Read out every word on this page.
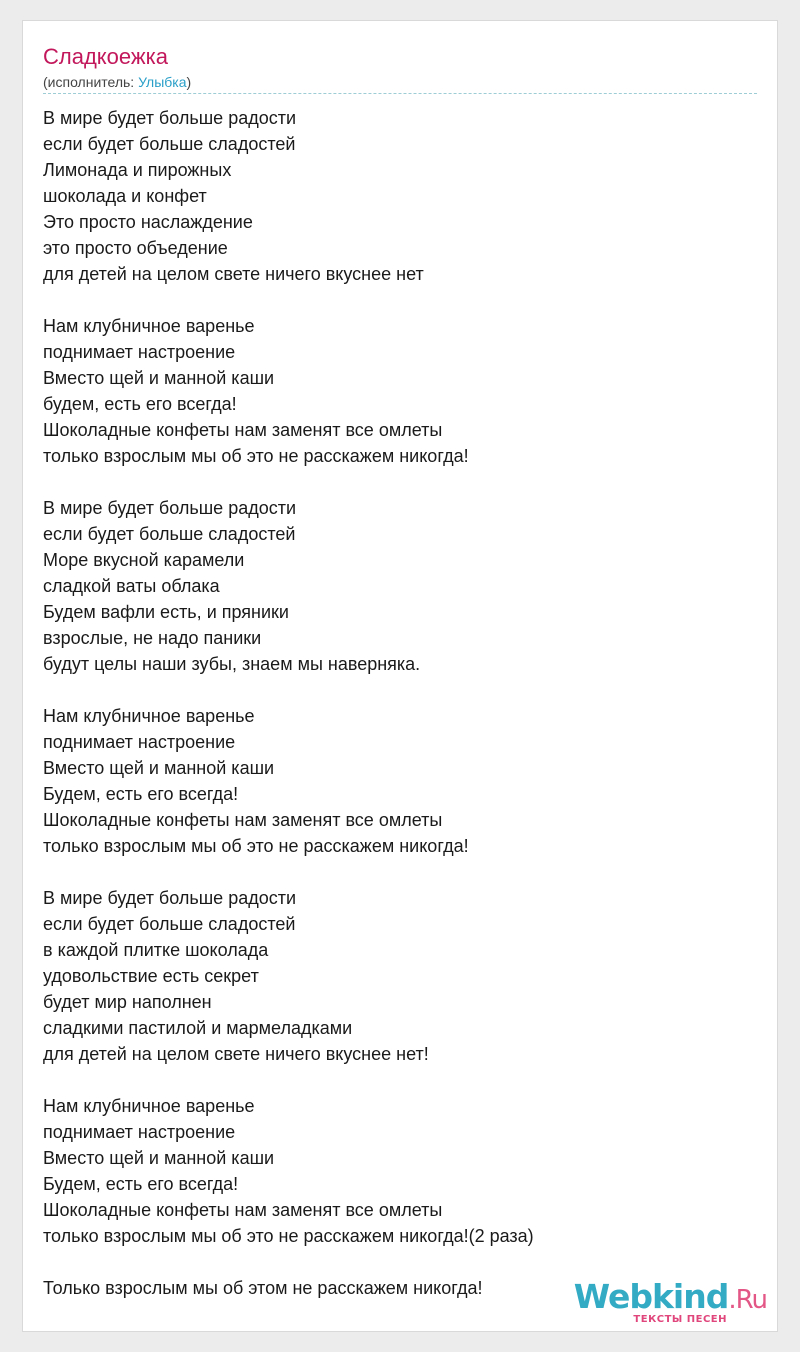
Сладкоежка
(исполнитель: Улыбка)
В мире будет больше радости
если будет больше сладостей
Лимонада и пирожных
шоколада и конфет
Это просто наслаждение
это просто объедение
для детей на целом свете ничего вкуснее нет
Нам клубничное варенье
поднимает настроение
Вместо щей и манной каши
будем, есть его всегда!
Шоколадные конфеты нам заменят все омлеты
только взрослым мы об это не расскажем никогда!
В мире будет больше радости
если будет больше сладостей
Море вкусной карамели
сладкой ваты облака
Будем вафли есть, и пряники
взрослые, не надо паники
будут целы наши зубы, знаем мы наверняка.
Нам клубничное варенье
поднимает настроение
Вместо щей и манной каши
Будем, есть его всегда!
Шоколадные конфеты нам заменят все омлеты
только взрослым мы об это не расскажем никогда!
В мире будет больше радости
если будет больше сладостей
в каждой плитке шоколада
удовольствие есть секрет
будет мир наполнен
сладкими пастилой и мармеладками
для детей на целом свете ничего вкуснее нет!
Нам клубничное варенье
поднимает настроение
Вместо щей и манной каши
Будем, есть его всегда!
Шоколадные конфеты нам заменят все омлеты
только взрослым мы об это не расскажем никогда!(2 раза)
Только взрослым мы об этом не расскажем никогда!	Webkind.Ru
ТЕКСТЫ ПЕСЕН
